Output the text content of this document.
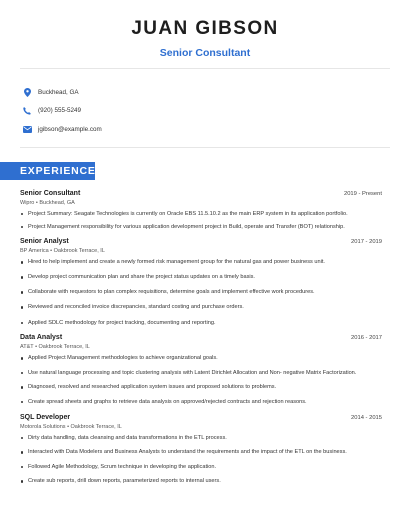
JUAN GIBSON
Senior Consultant
Buckhead, GA
(920) 555-5249
jgibson@example.com
EXPERIENCE
Senior Consultant	2019 - Present
Wipro • Buckhead, GA
Project Summary: Seagate Technologies is currently on Oracle EBS 11.5.10.2 as the main ERP system in its application portfolio.
Project Management responsibility for various application development project in Build, operate and Transfer (BOT) relationship.
Senior Analyst	2017 - 2019
BP America • Oakbrook Terrace, IL
Hired to help implement and create a newly formed risk management group for the natural gas and power business unit.
Develop project communication plan and share the project status updates on a timely basis.
Collaborate with requestors to plan complex requisitions, determine goals and implement effective work procedures.
Reviewed and reconciled invoice discrepancies, standard costing and purchase orders.
Applied SDLC methodology for project tracking, documenting and reporting.
Data Analyst	2016 - 2017
AT&T • Oakbrook Terrace, IL
Applied Project Management methodologies to achieve organizational goals.
Use natural language processing and topic clustering analysis with Latent Dirichlet Allocation and Non- negative Matrix Factorization.
Diagnosed, resolved and researched application system issues and proposed solutions to problems.
Create spread sheets and graphs to retrieve data analysis on approved/rejected contracts and rejection reasons.
SQL Developer	2014 - 2015
Motorola Solutions • Oakbrook Terrace, IL
Dirty data handling, data cleansing and data transformations in the ETL process.
Interacted with Data Modelers and Business Analysts to understand the requirements and the impact of the ETL on the business.
Followed Agile Methodology, Scrum technique in developing the application.
Create sub reports, drill down reports, parameterized reports to internal users.
